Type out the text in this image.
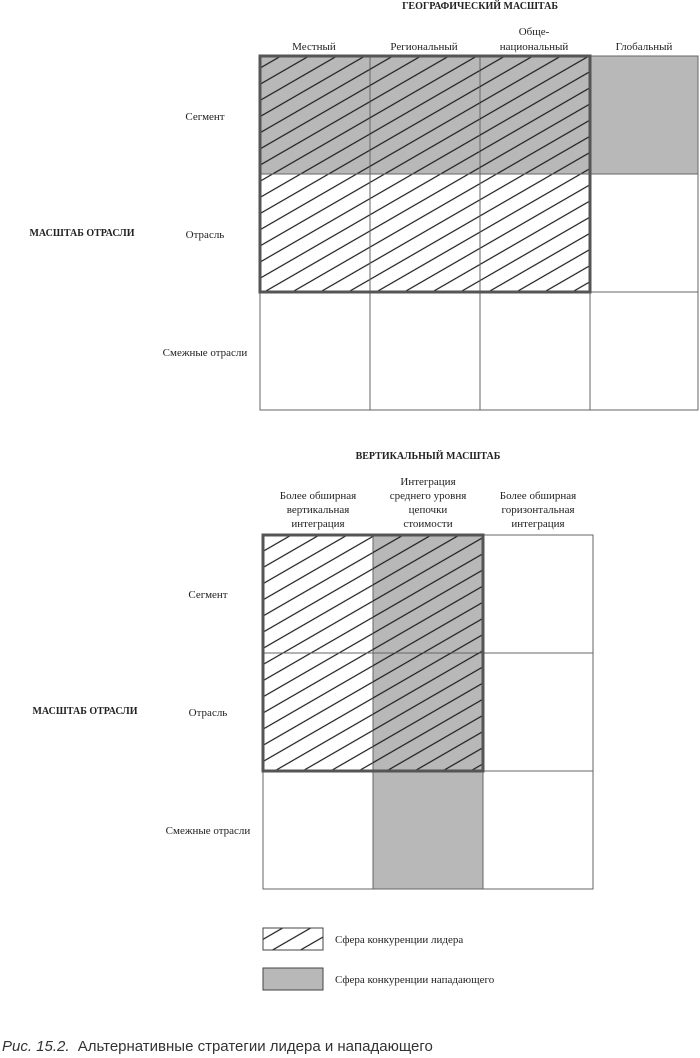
ГЕОГРАФИЧЕСКИЙ МАСШТАБ
Местный	Региональный
Обще-
национальный	Глобальный
Сегмент
Отрасль
Смежные отрасли
МАСШТАБ ОТРАСЛИ
ВЕРТИКАЛЬНЫЙ МАСШТАБ
Более обширная
вертикальная
интеграция
Интеграция
среднего уровня
цепочки
стоимости
Более обширная
горизонтальная
интеграция
Сегмент
Отрасль
Смежные отрасли
МАСШТАБ ОТРАСЛИ
Сфера конкуренции лидера
Сфера конкуренции нападающего
Рис. 15.2. Альтернативные стратегии лидера и нападающего
